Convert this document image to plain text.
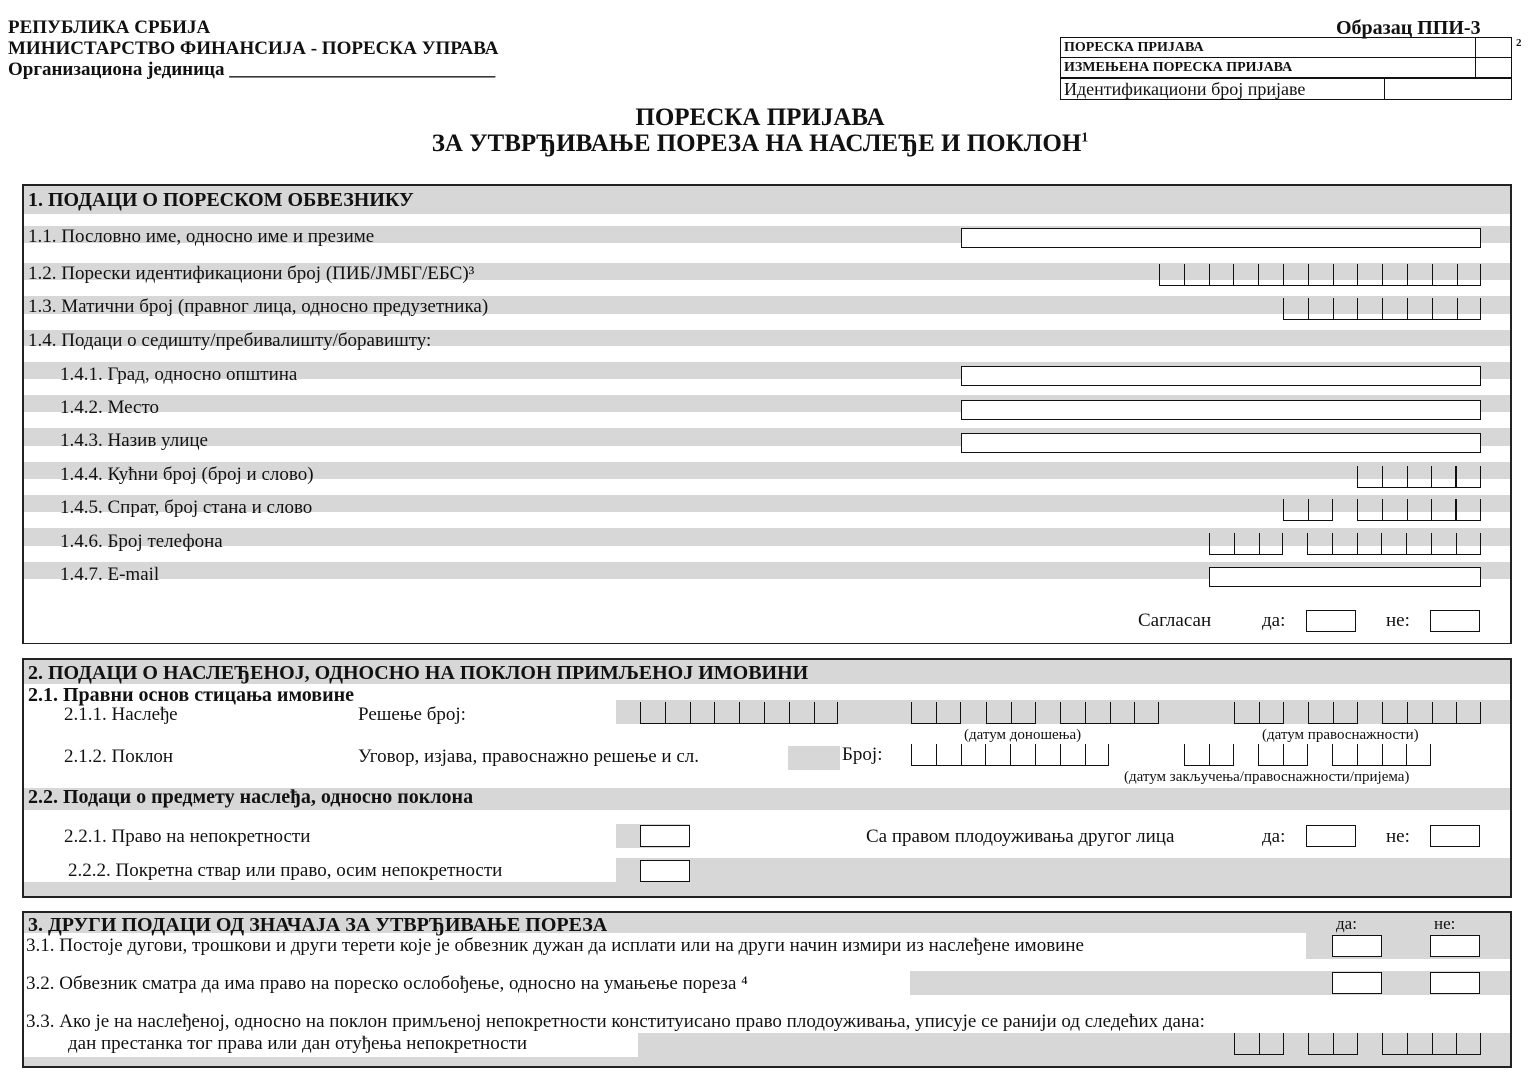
РЕПУБЛИКА СРБИЈА
МИНИСТАРСТВО ФИНАНСИЈА - ПОРЕСКА УПРАВА
Организациона јединица ____________________________
Образац ППИ-3
ПОРЕСКА ПРИЈАВА	
ИЗМЕЊЕНА ПОРЕСКА ПРИЈАВА	
Идентификациони број пријаве
2
ПОРЕСКА ПРИЈАВА
ЗА УТВРЂИВАЊЕ ПОРЕЗА НА НАСЛЕЂЕ И ПОКЛОН$^1$
1. ПОДАЦИ О ПОРЕСКОМ ОБВЕЗНИКУ
1.1. Пословно име, односно име и презиме
1.2. Порески идентификациони број (ПИБ/ЈМБГ/ЕБС)³
1.3. Матични број (правног лица, односно предузетника)
1.4. Подаци о седишту/пребивалишту/боравишту:
1.4.1. Град, односно општина
1.4.2. Место
1.4.3. Назив улице
1.4.4. Кућни број (број и слово)
1.4.5. Спрат, број стана и слово
1.4.6. Број телефона
1.4.7. E-mail
Сагласан	да:	не:
2. ПОДАЦИ О НАСЛЕЂЕНОЈ, ОДНОСНО НА ПОКЛОН ПРИМЉЕНОЈ ИМОВИНИ
2.1. Правни основ стицања имовине
2.1.1. Наслеђе	Решење број:
(датум доношења)	(датум правоснажности)
2.1.2. Поклон	Уговор, изјава, правоснажно решење и сл.	Број:
(датум закључења/правоснажности/пријема)
2.2. Подаци о предмету наслеђа, односно поклона
2.2.1. Право на непокретности	Са правом плодоуживања другог лица	да:	не:
2.2.2. Покретна ствар или право, осим непокретности
3. ДРУГИ ПОДАЦИ ОД ЗНАЧАЈА ЗА УТВРЂИВАЊЕ ПОРЕЗА	да:	не:
3.1. Постоје дугови, трошкови и други терети које је обвезник дужан да исплати или на други начин измири из наслеђене имовине
3.2. Обвезник сматра да има право на пореско ослобођење, односно на умањење пореза ⁴
3.3. Ако је на наслеђеној, односно на поклон примљеној непокретности конституисано право плодоуживања, уписује се ранији од следећих дана:
дан престанка тог права или дан отуђења непокретности
